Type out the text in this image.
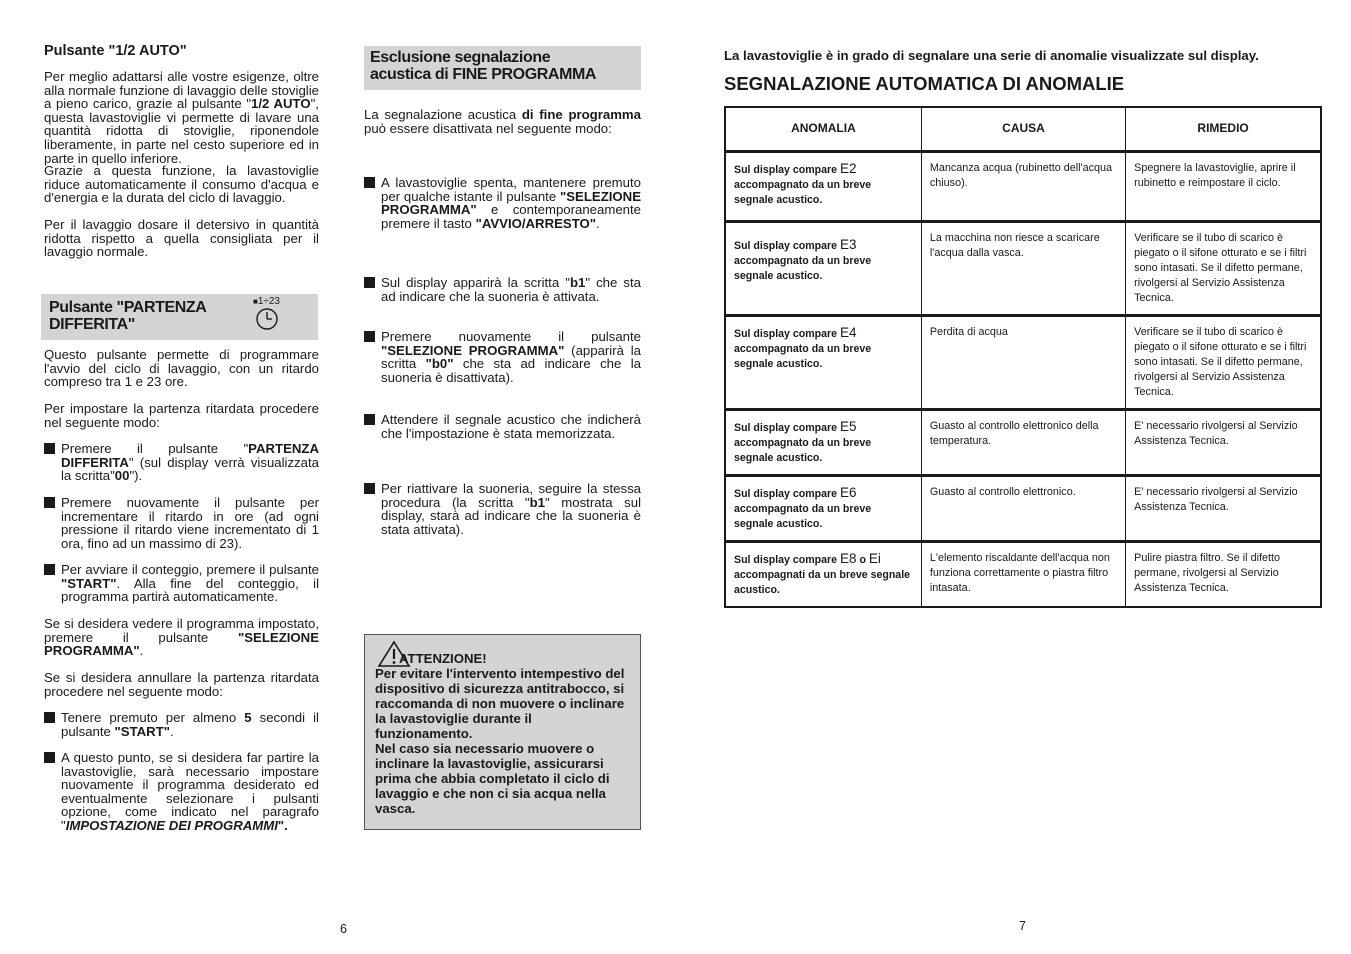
Pulsante "1/2 AUTO"
Per meglio adattarsi alle vostre esigenze, oltre alla normale funzione di lavaggio delle stoviglie a pieno carico, grazie al pulsante "1/2 AUTO", questa lavastoviglie vi permette di lavare una quantità ridotta di stoviglie, riponendole liberamente, in parte nel cesto superiore ed in parte in quello inferiore.
Grazie a questa funzione, la lavastoviglie riduce automaticamente il consumo d'acqua e d'energia e la durata del ciclo di lavaggio.
Per il lavaggio dosare il detersivo in quantità ridotta rispetto a quella consigliata per il lavaggio normale.
Pulsante "PARTENZA
DIFFERITA"
■1÷23
Questo pulsante permette di programmare l'avvio del ciclo di lavaggio, con un ritardo compreso tra 1 e 23 ore.
Per impostare la partenza ritardata procedere nel seguente modo:
Premere il pulsante "PARTENZA DIFFERITA" (sul display verrà visualizzata la scritta"00").
Premere nuovamente il pulsante per incrementare il ritardo in ore (ad ogni pressione il ritardo viene incrementato di 1 ora, fino ad un massimo di 23).
Per avviare il conteggio, premere il pulsante "START". Alla fine del conteggio, il programma partirà automaticamente.
Se si desidera vedere il programma impostato, premere il pulsante "SELEZIONE PROGRAMMA".
Se si desidera annullare la partenza ritardata procedere nel seguente modo:
Tenere premuto per almeno 5 secondi il pulsante "START".
A questo punto, se si desidera far partire la lavastoviglie, sarà necessario impostare nuovamente il programma desiderato ed eventualmente selezionare i pulsanti opzione, come indicato nel paragrafo "IMPOSTAZIONE DEI PROGRAMMI".
6
Esclusione segnalazione
acustica di FINE PROGRAMMA
La segnalazione acustica di fine programma può essere disattivata nel seguente modo:
A lavastoviglie spenta, mantenere premuto per qualche istante il pulsante "SELEZIONE PROGRAMMA" e contemporaneamente premere il tasto "AVVIO/ARRESTO".
Sul display apparirà la scritta "b1" che sta ad indicare che la suoneria è attivata.
Premere nuovamente il pulsante "SELEZIONE PROGRAMMA" (apparirà la scritta "b0" che sta ad indicare che la suoneria è disattivata).
Attendere il segnale acustico che indicherà che l'impostazione è stata memorizzata.
Per riattivare la suoneria, seguire la stessa procedura (la scritta "b1" mostrata sul display, starà ad indicare che la suoneria è stata attivata).
ATTENZIONE!
Per evitare l'intervento intempestivo del dispositivo di sicurezza antitrabocco, si raccomanda di non muovere o inclinare la lavastoviglie durante il funzionamento.
Nel caso sia necessario muovere o inclinare la lavastoviglie, assicurarsi prima che abbia completato il ciclo di lavaggio e che non ci sia acqua nella vasca.
La lavastoviglie è in grado di segnalare una serie di anomalie visualizzate sul display.
SEGNALAZIONE AUTOMATICA DI ANOMALIE
ANOMALIA	CAUSA	RIMEDIO
Sul display compare E2
accompagnato da un breve segnale acustico.	Mancanza acqua (rubinetto dell'acqua chiuso).	Spegnere la lavastoviglie, aprire il rubinetto e reimpostare il ciclo.
Sul display compare E3
accompagnato da un breve segnale acustico.	La macchina non riesce a scaricare l'acqua dalla vasca.	Verificare se il tubo di scarico è piegato o il sifone otturato e se i filtri sono intasati. Se il difetto permane, rivolgersi al Servizio Assistenza Tecnica.
Sul display compare E4
accompagnato da un breve segnale acustico.	Perdita di acqua	Verificare se il tubo di scarico è piegato o il sifone otturato e se i filtri sono intasati. Se il difetto permane, rivolgersi al Servizio Assistenza Tecnica.
Sul display compare E5
accompagnato da un breve segnale acustico.	Guasto al controllo elettronico della temperatura.	E' necessario rivolgersi al Servizio Assistenza Tecnica.
Sul display compare E6
accompagnato da un breve segnale acustico.	Guasto al controllo elettronico.	E' necessario rivolgersi al Servizio Assistenza Tecnica.
Sul display compare E8 o Ei
accompagnati da un breve segnale acustico.	L'elemento riscaldante dell'acqua non funziona correttamente o piastra filtro intasata.	Pulire piastra filtro. Se il difetto permane, rivolgersi al Servizio Assistenza Tecnica.
7
